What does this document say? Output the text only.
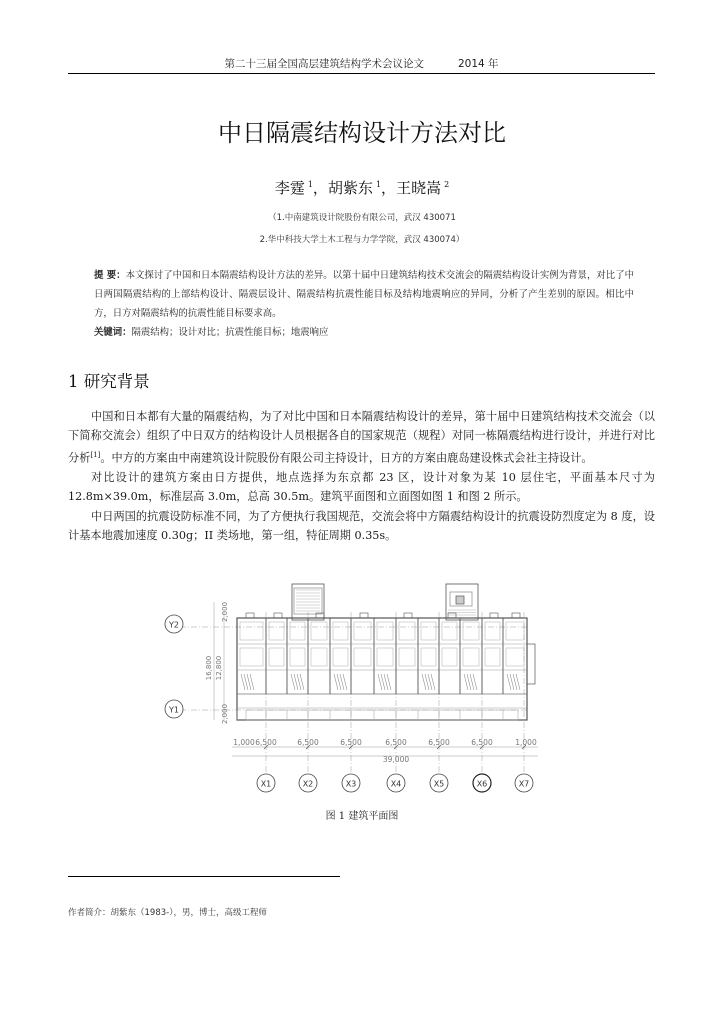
第二十三届全国高层建筑结构学术会议论文	2014 年
中日隔震结构设计方法对比
李霆  $^1$，胡紫东  $^1$，王晓嵩  $^2$
（1.中南建筑设计院股份有限公司，武汉 430071
2.华中科技大学土木工程与力学学院，武汉 430074）
提 要：本文探讨了中国和日本隔震结构设计方法的差异。以第十届中日建筑结构技术交流会的隔震结构设计实例为背景，对比了中日两国隔震结构的上部结构设计、隔震层设计、隔震结构抗震性能目标及结构地震响应的异同，分析了产生差别的原因。相比中方，日方对隔震结构的抗震性能目标要求高。
关键词：隔震结构；设计对比；抗震性能目标；地震响应
1 研究背景

中国和日本都有大量的隔震结构，为了对比中国和日本隔震结构设计的差异，第十届中日建筑结构技术交流会（以下简称交流会）组织了中日双方的结构设计人员根据各自的国家规范（规程）对同一栋隔震结构进行设计，并进行对比分析[1]。中方的方案由中南建筑设计院股份有限公司主持设计，日方的方案由鹿岛建设株式会社主持设计。

对比设计的建筑方案由日方提供，地点选择为东京都 23 区，设计对象为某 10 层住宅，平面基本尺寸为 12.8m×39.0m，标准层高 3.0m，总高 30.5m。建筑平面图和立面图如图 1 和图 2 所示。

中日两国的抗震设防标准不同，为了方便执行我国规范，交流会将中方隔震结构设计的抗震设防烈度定为 8 度，设计基本地震加速度 0.30g；II 类场地，第一组，特征周期 0.35s。

Y2
Y1
X1	X2	X3	X4	X5	X6	X7
1,000 6,500	6,500	6,500	6,500	6,500	6,500	1,000
39,000
2,000
12,800
16,800
2,000
图 1 建筑平面图
作者简介：胡紫东（1983-），男，博士，高级工程师
